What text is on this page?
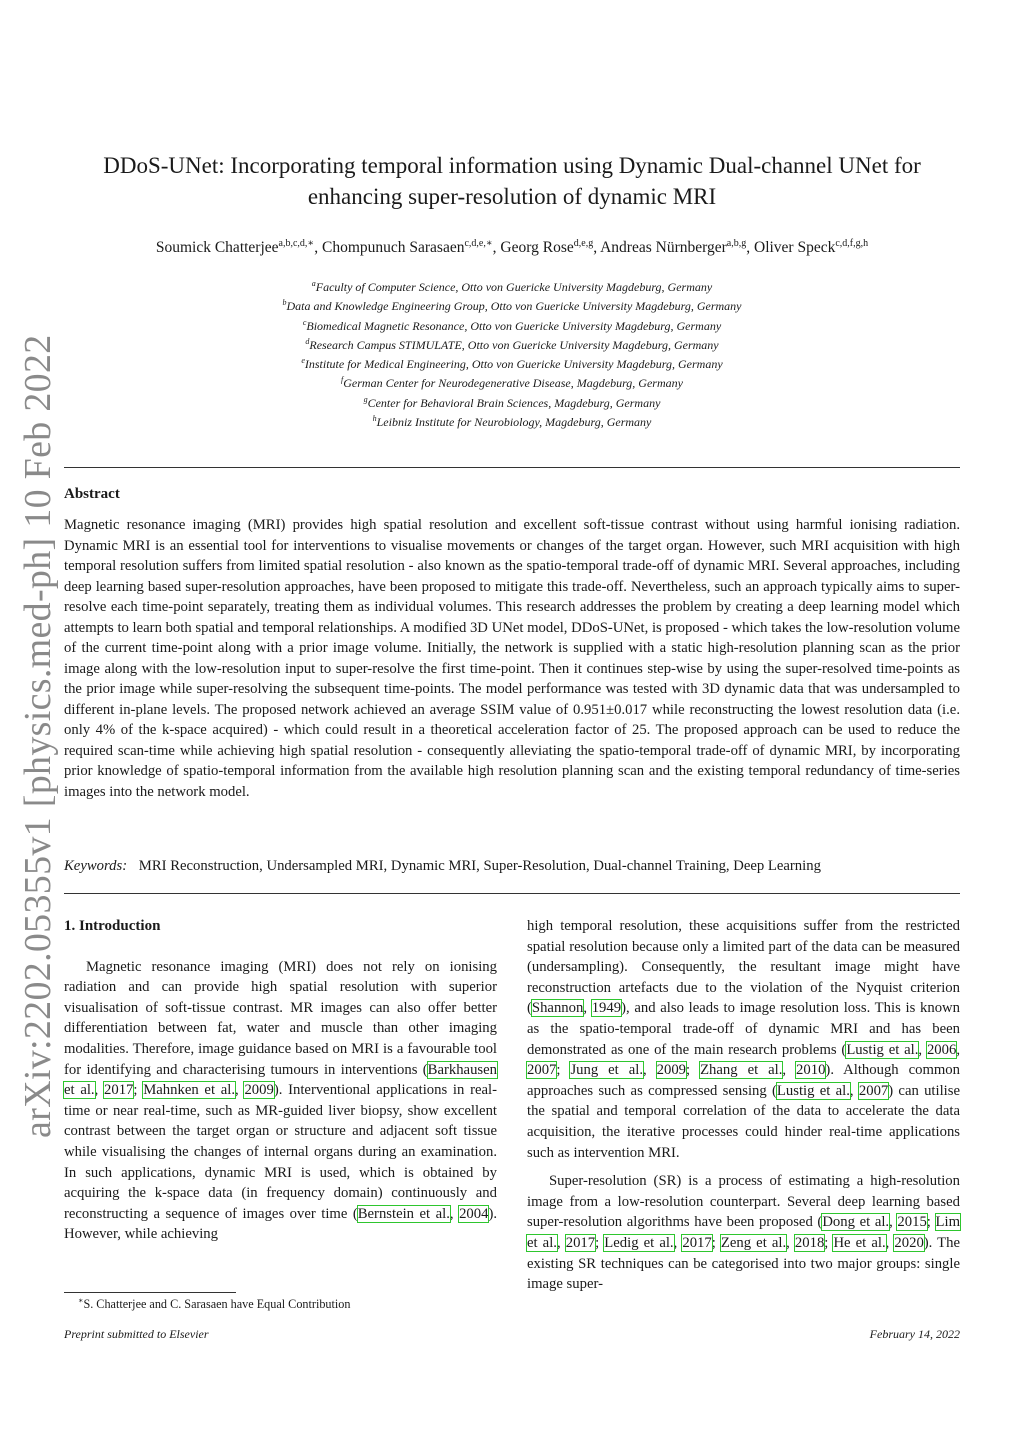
arXiv:2202.05355v1 [physics.med-ph] 10 Feb 2022
DDoS-UNet: Incorporating temporal information using Dynamic Dual-channel UNet for
enhancing super-resolution of dynamic MRI
Soumick Chatterjee$^{a,b,c,d,∗}$, Chompunuch Sarasaen$^{c,d,e,∗}$, Georg Rose$^{d,e,g}$, Andreas Nürnberger$^{a,b,g}$, Oliver Speck$^{c,d,f,g,h}$
$^a$Faculty of Computer Science, Otto von Guericke University Magdeburg, Germany
$^b$Data and Knowledge Engineering Group, Otto von Guericke University Magdeburg, Germany
$^c$Biomedical Magnetic Resonance, Otto von Guericke University Magdeburg, Germany
$^d$Research Campus STIMULATE, Otto von Guericke University Magdeburg, Germany
$^e$Institute for Medical Engineering, Otto von Guericke University Magdeburg, Germany
$^f$German Center for Neurodegenerative Disease, Magdeburg, Germany
$^g$Center for Behavioral Brain Sciences, Magdeburg, Germany
$^h$Leibniz Institute for Neurobiology, Magdeburg, Germany
Abstract
Magnetic resonance imaging (MRI) provides high spatial resolution and excellent soft-tissue contrast without using harmful ionising radiation. Dynamic MRI is an essential tool for interventions to visualise movements or changes of the target organ. However, such MRI acquisition with high temporal resolution suffers from limited spatial resolution - also known as the spatio-temporal trade-off of dynamic MRI. Several approaches, including deep learning based super-resolution approaches, have been proposed to mitigate this trade-off. Nevertheless, such an approach typically aims to super-resolve each time-point separately, treating them as individual volumes. This research addresses the problem by creating a deep learning model which attempts to learn both spatial and temporal relationships. A modified 3D UNet model, DDoS-UNet, is proposed - which takes the low-resolution volume of the current time-point along with a prior image volume. Initially, the network is supplied with a static high-resolution planning scan as the prior image along with the low-resolution input to super-resolve the first time-point. Then it continues step-wise by using the super-resolved time-points as the prior image while super-resolving the subsequent time-points. The model performance was tested with 3D dynamic data that was undersampled to different in-plane levels. The proposed network achieved an average SSIM value of 0.951±0.017 while reconstructing the lowest resolution data (i.e. only 4% of the k-space acquired) - which could result in a theoretical acceleration factor of 25. The proposed approach can be used to reduce the required scan-time while achieving high spatial resolution - consequently alleviating the spatio-temporal trade-off of dynamic MRI, by incorporating prior knowledge of spatio-temporal information from the available high resolution planning scan and the existing temporal redundancy of time-series images into the network model.
Keywords: MRI Reconstruction, Undersampled MRI, Dynamic MRI, Super-Resolution, Dual-channel Training, Deep Learning
1. Introduction

Magnetic resonance imaging (MRI) does not rely on ionising radiation and can provide high spatial resolution with superior visualisation of soft-tissue contrast. MR images can also offer better differentiation between fat, water and muscle than other imaging modalities. Therefore, image guidance based on MRI is a favourable tool for identifying and characterising tumours in interventions (Barkhausen et al., 2017; Mahnken et al., 2009). Interventional applications in real-time or near real-time, such as MR-guided liver biopsy, show excellent contrast between the target organ or structure and adjacent soft tissue while visualising the changes of internal organs during an examination. In such applications, dynamic MRI is used, which is obtained by acquiring the k-space data (in frequency domain) continuously and reconstructing a sequence of images over time (Bernstein et al., 2004). However, while achieving

high temporal resolution, these acquisitions suffer from the restricted spatial resolution because only a limited part of the data can be measured (undersampling). Consequently, the resultant image might have reconstruction artefacts due to the violation of the Nyquist criterion (Shannon, 1949), and also leads to image resolution loss. This is known as the spatio-temporal trade-off of dynamic MRI and has been demonstrated as one of the main research problems (Lustig et al., 2006, 2007; Jung et al., 2009; Zhang et al., 2010). Although common approaches such as compressed sensing (Lustig et al., 2007) can utilise the spatial and temporal correlation of the data to accelerate the data acquisition, the iterative processes could hinder real-time applications such as intervention MRI.

Super-resolution (SR) is a process of estimating a high-resolution image from a low-resolution counterpart. Several deep learning based super-resolution algorithms have been proposed (Dong et al., 2015; Lim et al., 2017; Ledig et al., 2017; Zeng et al., 2018; He et al., 2020). The existing SR techniques can be categorised into two major groups: single image super-

∗S. Chatterjee and C. Sarasaen have Equal Contribution
Preprint submitted to Elsevier	February 14, 2022
